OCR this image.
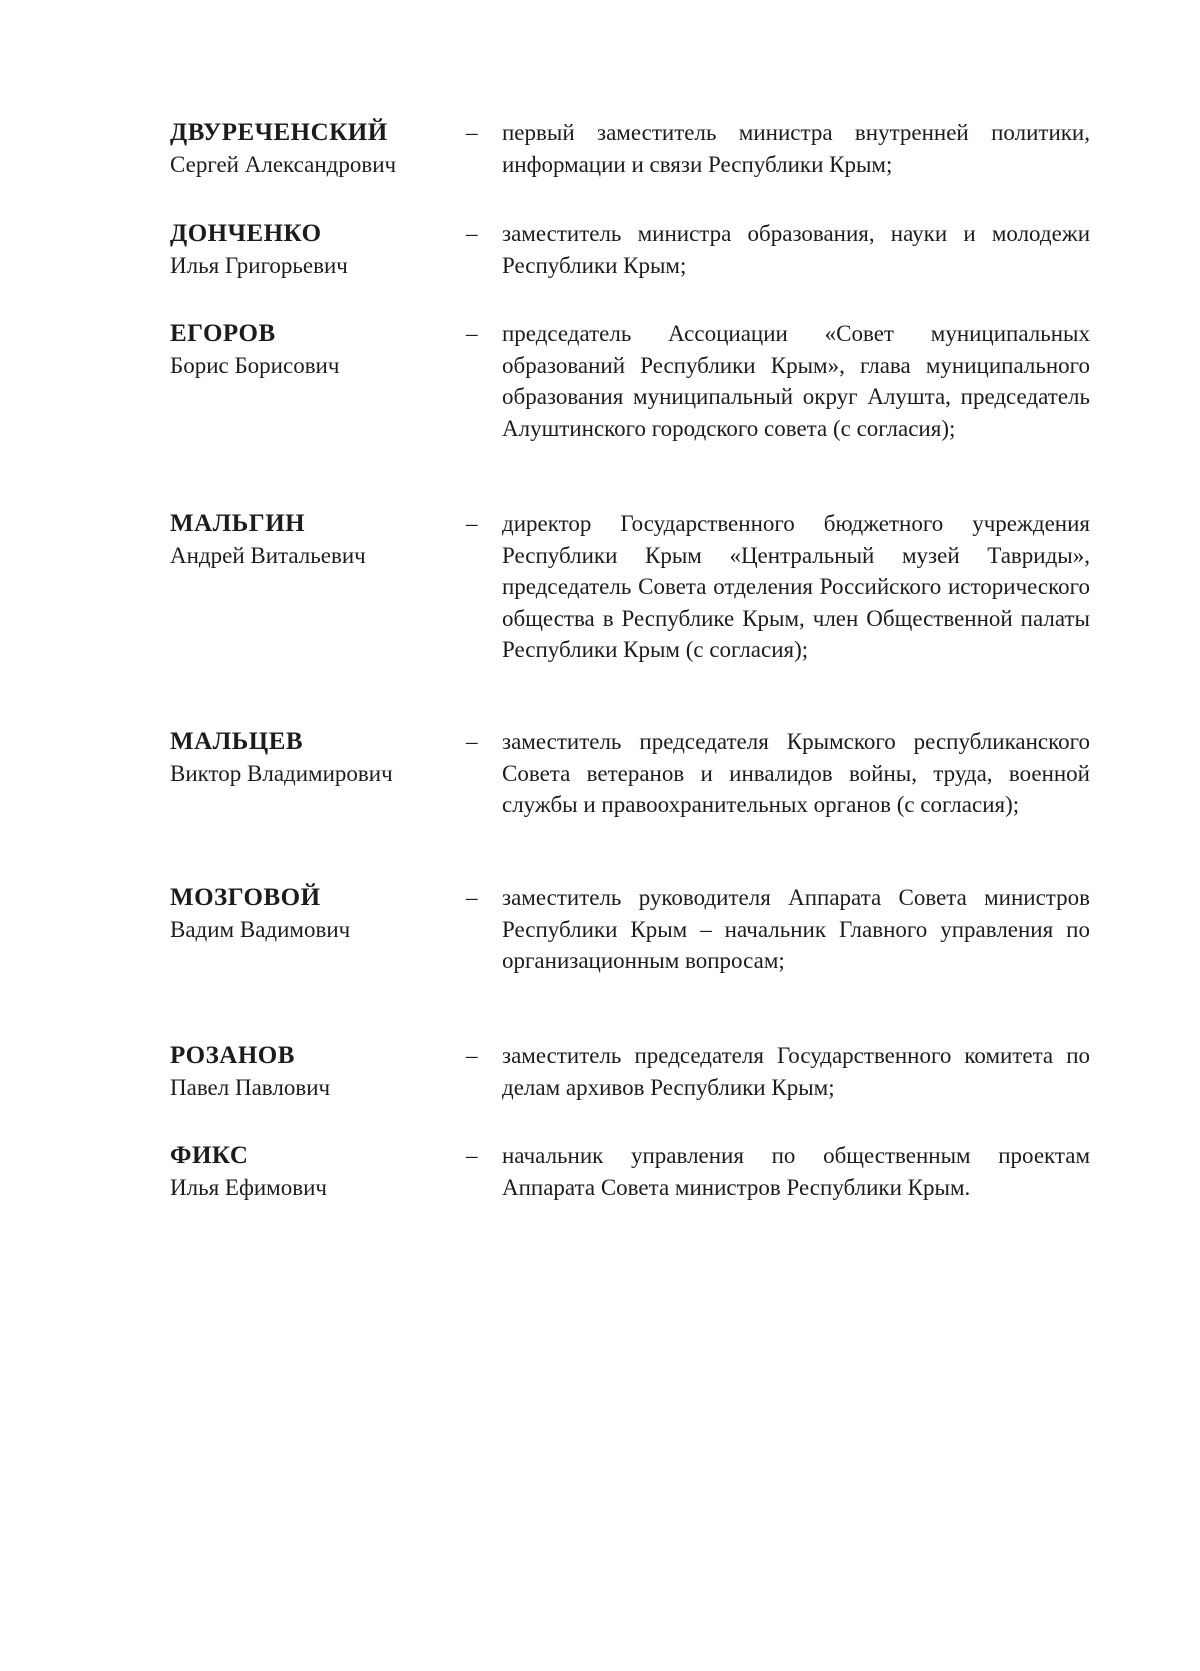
ДВУРЕЧЕНСКИЙ
Сергей Александрович
– первый заместитель министра внутренней политики, информации и связи Республики Крым;
ДОНЧЕНКО
Илья Григорьевич
– заместитель министра образования, науки и молодежи Республики Крым;
ЕГОРОВ
Борис Борисович
– председатель Ассоциации «Совет муниципальных образований Республики Крым», глава муниципального образования муниципальный округ Алушта, председатель Алуштинского городского совета (с согласия);
МАЛЬГИН
Андрей Витальевич
– директор Государственного бюджетного учреждения Республики Крым «Центральный музей Тавриды», председатель Совета отделения Российского исторического общества в Республике Крым, член Общественной палаты Республики Крым (с согласия);
МАЛЬЦЕВ
Виктор Владимирович
– заместитель председателя Крымского республиканского Совета ветеранов и инвалидов войны, труда, военной службы и правоохранительных органов (с согласия);
МОЗГОВОЙ
Вадим Вадимович
– заместитель руководителя Аппарата Совета министров Республики Крым – начальник Главного управления по организационным вопросам;
РОЗАНОВ
Павел Павлович
– заместитель председателя Государственного комитета по делам архивов Республики Крым;
ФИКС
Илья Ефимович
– начальник управления по общественным проектам Аппарата Совета министров Республики Крым.
